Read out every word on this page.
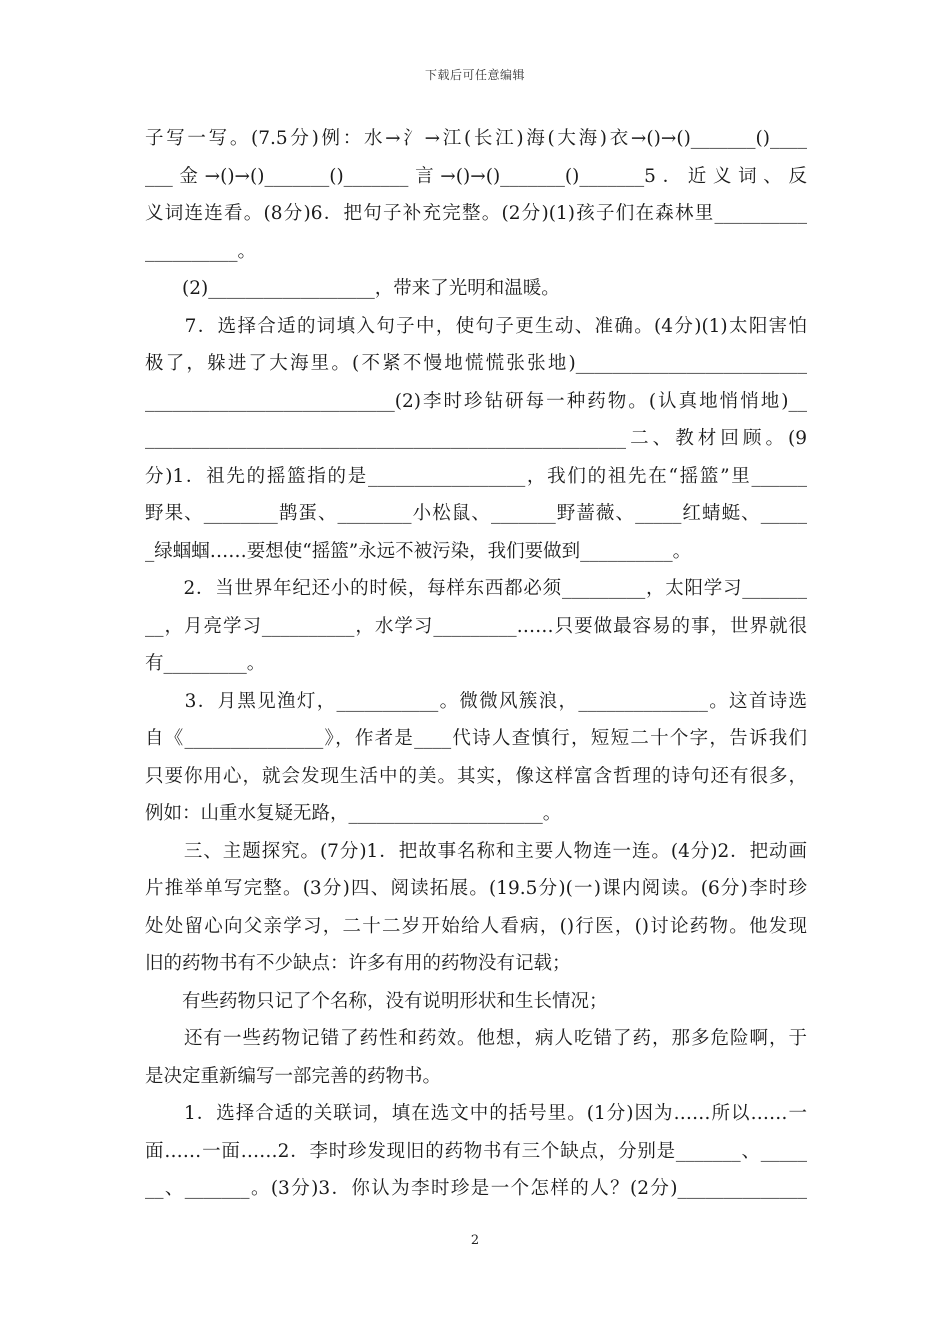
下载后可任意编辑
子写一写。(7.5分)例：水→氵→江(长江)海(大海)衣→()→()_______()____
___金→()→()_______()_______言→()→()_______()_______5．近义词、反
义词连连看。(8分)6．把句子补充完整。(2分)(1)孩子们在森林里__________
__________。
　　(2)__________________，带来了光明和温暖。
　　7．选择合适的词填入句子中，使句子更生动、准确。(4分)(1)太阳害怕
极了，躲进了大海里。(不紧不慢地慌慌张张地)_________________________
___________________________(2)李时珍钻研每一种药物。(认真地悄悄地)__
____________________________________________________二、教材回顾。(9
分)1．祖先的摇篮指的是_________________，我们的祖先在“摇篮”里______
野果、________鹊蛋、________小松鼠、_______野蔷薇、_____红蜻蜓、_____
_绿蝈蝈……要想使“摇篮”永远不被污染，我们要做到__________。
　　2．当世界年纪还小的时候，每样东西都必须_________，太阳学习_______
__，月亮学习__________，水学习_________……只要做最容易的事，世界就很
有_________。
　　3．月黑见渔灯，___________。微微风簇浪，______________。这首诗选
自《_______________》，作者是____代诗人查慎行，短短二十个字，告诉我们
只要你用心，就会发现生活中的美。其实，像这样富含哲理的诗句还有很多，
例如：山重水复疑无路，_____________________。
　　三、主题探究。(7分)1．把故事名称和主要人物连一连。(4分)2．把动画
片推举单写完整。(3分)四、阅读拓展。(19.5分)(一)课内阅读。(6分)李时珍
处处留心向父亲学习，二十二岁开始给人看病，()行医，()讨论药物。他发现
旧的药物书有不少缺点：许多有用的药物没有记载；
　　有些药物只记了个名称，没有说明形状和生长情况；
　　还有一些药物记错了药性和药效。他想，病人吃错了药，那多危险啊，于
是决定重新编写一部完善的药物书。
　　1．选择合适的关联词，填在选文中的括号里。(1分)因为……所以……一
面……一面……2．李时珍发现旧的药物书有三个缺点，分别是_______、_____
__、_______。(3分)3．你认为李时珍是一个怎样的人？(2分)______________
2
